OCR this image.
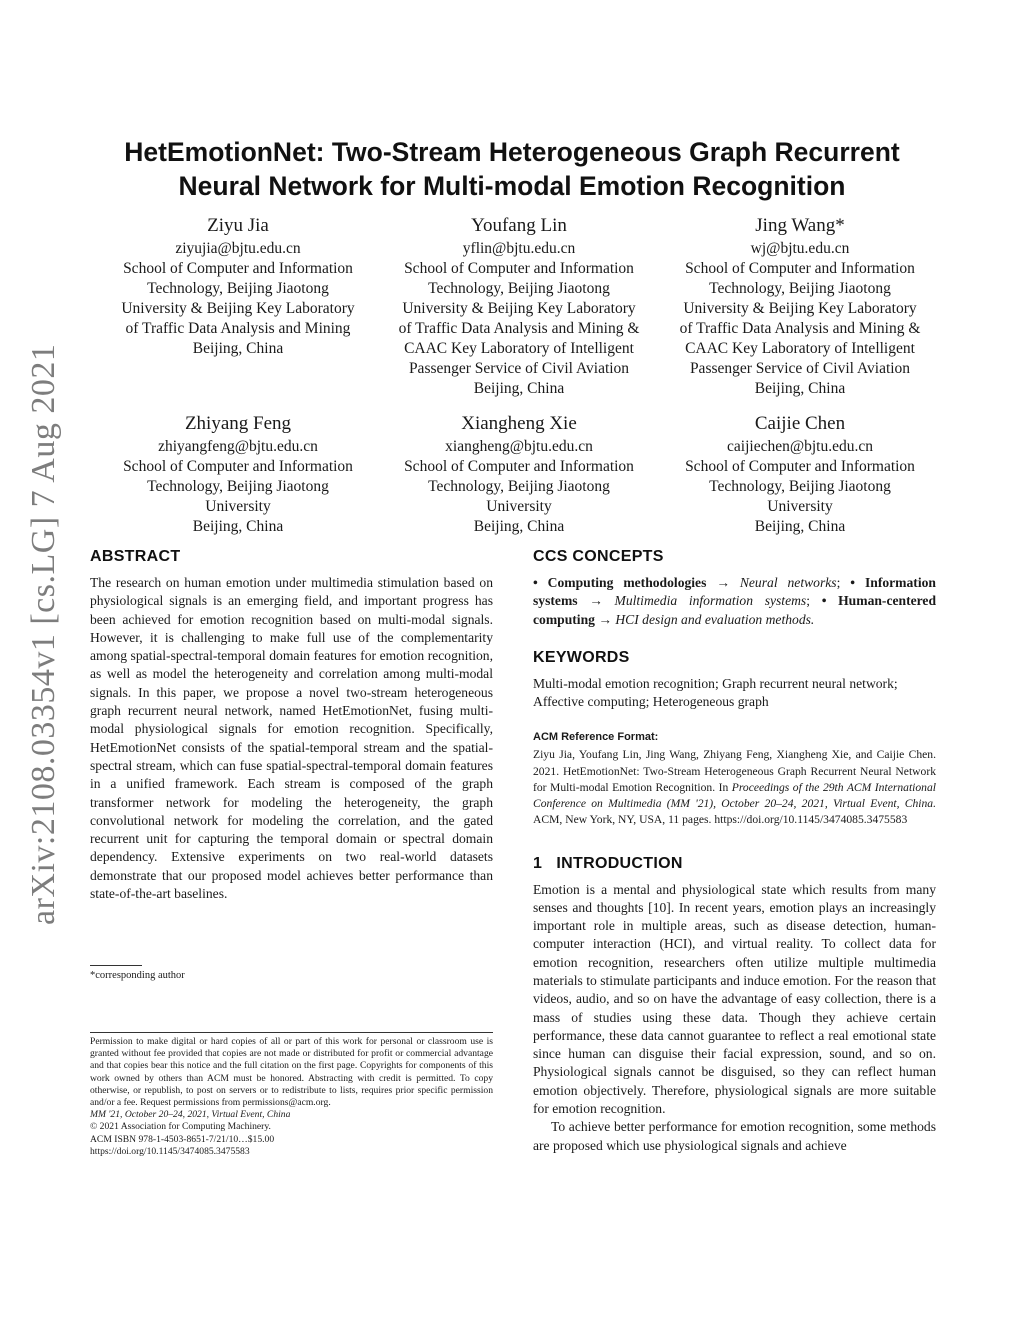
arXiv:2108.03354v1 [cs.LG] 7 Aug 2021
HetEmotionNet: Two-Stream Heterogeneous Graph Recurrent
Neural Network for Multi-modal Emotion Recognition
Ziyu Jia
ziyujia@bjtu.edu.cn
School of Computer and Information
Technology, Beijing Jiaotong
University & Beijing Key Laboratory
of Traffic Data Analysis and Mining
Beijing, China
Youfang Lin
yflin@bjtu.edu.cn
School of Computer and Information
Technology, Beijing Jiaotong
University & Beijing Key Laboratory
of Traffic Data Analysis and Mining &
CAAC Key Laboratory of Intelligent
Passenger Service of Civil Aviation
Beijing, China
Jing Wang*
wj@bjtu.edu.cn
School of Computer and Information
Technology, Beijing Jiaotong
University & Beijing Key Laboratory
of Traffic Data Analysis and Mining &
CAAC Key Laboratory of Intelligent
Passenger Service of Civil Aviation
Beijing, China
Zhiyang Feng
zhiyangfeng@bjtu.edu.cn
School of Computer and Information
Technology, Beijing Jiaotong
University
Beijing, China
Xiangheng Xie
xiangheng@bjtu.edu.cn
School of Computer and Information
Technology, Beijing Jiaotong
University
Beijing, China
Caijie Chen
caijiechen@bjtu.edu.cn
School of Computer and Information
Technology, Beijing Jiaotong
University
Beijing, China
ABSTRACT

The research on human emotion under multimedia stimulation based on physiological signals is an emerging field, and important progress has been achieved for emotion recognition based on multi-modal signals. However, it is challenging to make full use of the complementarity among spatial-spectral-temporal domain features for emotion recognition, as well as model the heterogeneity and correlation among multi-modal signals. In this paper, we propose a novel two-stream heterogeneous graph recurrent neural network, named HetEmotionNet, fusing multi-modal physiological signals for emotion recognition. Specifically, HetEmotionNet consists of the spatial-temporal stream and the spatial-spectral stream, which can fuse spatial-spectral-temporal domain features in a unified framework. Each stream is composed of the graph transformer network for modeling the heterogeneity, the graph convolutional network for modeling the correlation, and the gated recurrent unit for capturing the temporal domain or spectral domain dependency. Extensive experiments on two real-world datasets demonstrate that our proposed model achieves better performance than state-of-the-art baselines.

*corresponding author

Permission to make digital or hard copies of all or part of this work for personal or classroom use is granted without fee provided that copies are not made or distributed for profit or commercial advantage and that copies bear this notice and the full citation on the first page. Copyrights for components of this work owned by others than ACM must be honored. Abstracting with credit is permitted. To copy otherwise, or republish, to post on servers or to redistribute to lists, requires prior specific permission and/or a fee. Request permissions from permissions@acm.org.

MM '21, October 20–24, 2021, Virtual Event, China

© 2021 Association for Computing Machinery.

ACM ISBN 978-1-4503-8651-7/21/10…$15.00

https://doi.org/10.1145/3474085.3475583

CCS CONCEPTS

• Computing methodologies → Neural networks; • Information systems → Multimedia information systems; • Human-centered computing → HCI design and evaluation methods.

KEYWORDS

Multi-modal emotion recognition; Graph recurrent neural network; Affective computing; Heterogeneous graph

ACM Reference Format:

Ziyu Jia, Youfang Lin, Jing Wang, Zhiyang Feng, Xiangheng Xie, and Caijie Chen. 2021. HetEmotionNet: Two-Stream Heterogeneous Graph Recurrent Neural Network for Multi-modal Emotion Recognition. In Proceedings of the 29th ACM International Conference on Multimedia (MM '21), October 20–24, 2021, Virtual Event, China. ACM, New York, NY, USA, 11 pages. https://doi.org/10.1145/3474085.3475583

1   INTRODUCTION

Emotion is a mental and physiological state which results from many senses and thoughts [10]. In recent years, emotion plays an increasingly important role in multiple areas, such as disease detection, human-computer interaction (HCI), and virtual reality. To collect data for emotion recognition, researchers often utilize multiple multimedia materials to stimulate participants and induce emotion. For the reason that videos, audio, and so on have the advantage of easy collection, there is a mass of studies using these data. Though they achieve certain performance, these data cannot guarantee to reflect a real emotional state since human can disguise their facial expression, sound, and so on. Physiological signals cannot be disguised, so they can reflect human emotion objectively. Therefore, physiological signals are more suitable for emotion recognition.

To achieve better performance for emotion recognition, some methods are proposed which use physiological signals and achieve
